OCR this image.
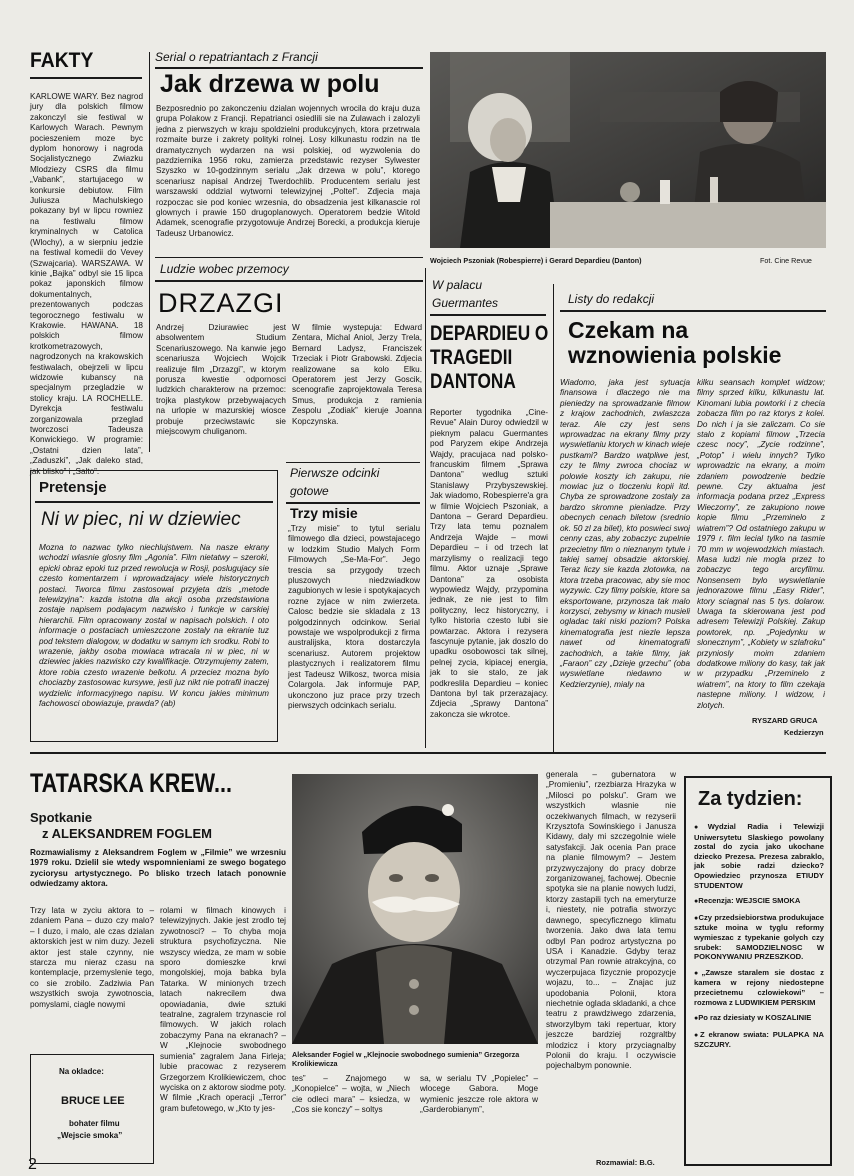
FAKTY
KARLOWE WARY. Bez nagrod jury dla polskich filmow zakonczyl sie festiwal w Karlowych Warach. Pewnym pocieszeniem moze byc dyplom honorowy i nagroda Socjalistycznego Zwiazku Mlodziezy CSRS dla filmu „Vabank”, startujacego w konkursie debiutow. Film Juliusza Machulskiego pokazany byl w lipcu rowniez na festiwalu filmow kryminalnych w Catolica (Wlochy), a w sierpniu jedzie na festiwal komedii do Vevey (Szwajcaria). WARSZAWA. W kinie „Bajka” odbyl sie 15 lipca pokaz japonskich filmow dokumentalnych, prezentowanych podczas tegorocznego festiwalu w Krakowie. HAWANA. 18 polskich filmow krotkometrazowych, nagrodzonych na krakowskich festiwalach, obejrzeli w lipcu widzowie kubanscy na specjalnym przegladzie w stolicy kraju. LA ROCHELLE. Dyrekcja festiwalu zorganizowala przeglad tworczosci Tadeusza Konwickiego. W programie: „Ostatni dzien lata”, „Zaduszki”, „Jak daleko stad, jak blisko” i „Salto”.
Serial o repatriantach z Francji
Jak drzewa w polu
Bezposrednio po zakonczeniu dzialan wojennych wrocila do kraju duza grupa Polakow z Francji. Repatrianci osiedlili sie na Zulawach i zalozyli jedna z pierwszych w kraju spoldzielni produkcyjnych, ktora przetrwala rozmaite burze i zakrety polityki rolnej. Losy kilkunastu rodzin na tle dramatycznych wydarzen na wsi polskiej, od wyzwolenia do pazdziernika 1956 roku, zamierza przedstawic rezyser Sylwester Szyszko w 10-godzinnym serialu „Jak drzewa w polu”, ktorego scenariusz napisal Andrzej Twerdochlib. Producentem serialu jest warszawski oddzial wytworni telewizyjnej „Poltel”. Zdjecia maja rozpoczac sie pod koniec wrzesnia, do obsadzenia jest kilkanascie rol glownych i prawie 150 drugoplanowych. Operatorem bedzie Witold Adamek, scenografie przygotowuje Andrzej Borecki, a produkcja kieruje Tadeusz Urbanowicz.
Wojciech Pszoniak (Robespierre) i Gerard Depardieu (Danton)	Fot. Cine Revue
Ludzie wobec przemocy
DRZAZGI
Andrzej Dziurawiec jest absolwentem Studium Scenariuszowego. Na kanwie jego scenariusza Wojciech Wojcik realizuje film „Drzazgi”, w ktorym porusza kwestie odpornosci ludzkich charakterow na przemoc: trojka plastykow przebywajacych na urlopie w mazurskiej wiosce probuje przeciwstawic sie miejscowym chuliganom.
W filmie wystepuja: Edward Zentara, Michal Aniol, Jerzy Trela, Bernard Ladysz, Franciszek Trzeciak i Piotr Grabowski. Zdjecia realizowane sa kolo Elku. Operatorem jest Jerzy Goscik, scenografie zaprojektowala Teresa Smus, produkcja z ramienia Zespolu „Zodiak” kieruje Joanna Kopczynska.
W palacu
Guermantes
DEPARDIEU O TRAGEDII DANTONA
Reporter tygodnika „Cine-Revue” Alain Duroy odwiedzil w pieknym palacu Guermantes pod Paryzem ekipe Andrzeja Wajdy, pracujaca nad polsko-francuskim filmem „Sprawa Dantona” wedlug sztuki Stanislawy Przybyszewskiej. Jak wiadomo, Robespierre'a gra w filmie Wojciech Pszoniak, a Dantona – Gerard Depardieu. Trzy lata temu poznalem Andrzeja Wajde – mowi Depardieu – i od trzech lat marzylismy o realizacji tego filmu. Aktor uznaje „Sprawe Dantona” za osobista wypowiedz Wajdy, przypomina jednak, ze nie jest to film polityczny, lecz historyczny, i tylko historia czesto lubi sie powtarzac. Aktora i rezysera fascynuje pytanie, jak doszlo do upadku osobowosci tak silnej, pelnej zycia, kipiacej energia, jak to sie stalo, ze jak podkreslila Depardieu – koniec Dantona byl tak przerazajacy. Zdjecia „Sprawy Dantona” zakoncza sie wkrotce.
Listy do redakcji
Czekam na wznowienia polskie
Wiadomo, jaka jest sytuacja finansowa i dlaczego nie ma pieniedzy na sprowadzanie filmow z krajow zachodnich, zwlaszcza teraz. Ale czy jest sens wprowadzac na ekrany filmy przy wyswietlaniu ktorych w kinach wieje pustkami? Bardzo watpliwe jest, czy te filmy zwroca chociaz w polowie koszty ich zakupu, nie mowiac juz o tloczeniu kopii itd. Chyba ze sprowadzone zostaly za bardzo skromne pieniadze. Przy obecnych cenach biletow (srednio ok. 50 zl za bilet), kto poswieci swoj cenny czas, aby zobaczyc zupelnie przecietny film o nieznanym tytule i takiej samej obsadzie aktorskiej. Teraz liczy sie kazda zlotowka, na ktora trzeba pracowac, aby sie moc wyzywic. Czy filmy polskie, ktore sa eksportowane, przynosza tak malo korzysci, zebysmy w kinach musieli ogladac taki niski poziom? Polska kinematografia jest niezle lepsza nawet od kinematografii zachodnich, a takie filmy, jak „Faraon” czy „Dzieje grzechu” (oba wyswietlane niedawno w Kedzierzynie), mialy na
kilku seansach komplet widzow; filmy sprzed kilku, kilkunastu lat. Kinomani lubia powtorki i z checia zobacza film po raz ktorys z kolei. Do nich i ja sie zaliczam. Co sie stalo z kopiami filmow „Trzecia czesc nocy”, „Zycie rodzinne”, „Potop” i wielu innych? Tylko wprowadzic na ekrany, a moim zdaniem powodzenie bedzie pewne. Czy aktualna jest informacja podana przez „Express Wieczorny”, ze zakupiono nowe kopie filmu „Przeminelo z wiatrem”? Od ostatniego zakupu w 1979 r. film lecial tylko na tasmie 70 mm w wojewodzkich miastach. Masa ludzi nie mogla przez to zobaczyc tego arcyfilmu. Nonsensem bylo wyswietlanie jednorazowe filmu „Easy Rider”, ktory sciagnal nas 5 tys. dolarow. Uwaga ta skierowana jest pod adresem Telewizji Polskiej. Zakup powtorek, np. „Pojedynku w slonecznym”, „Kobiety w szlafroku” przyniosly moim zdaniem dodatkowe miliony do kasy, tak jak w przypadku „Przeminelo z wiatrem”, na ktory to film czekaja nastepne miliony. I widzow, i zlotych.
RYSZARD GRUCA
Kedzierzyn
Pretensje
Ni w piec, ni w dziewiec
Mozna to nazwac tylko niechlujstwem. Na nasze ekrany wchodzi wlasnie glosny film „Agonia”. Film nietatwy – szeroki, epicki obraz epoki tuz przed rewolucja w Rosji, poslugujacy sie czesto komentarzem i wprowadzajacy wiele historycznych postaci. Tworca filmu zastosowal przyjeta dzis „metode telewizyjna”: kazda istotna dla akcji osoba przedstawiona zostaje napisem podajacym nazwisko i funkcje w carskiej hierarchii. Film opracowany zostal w napisach polskich. I oto informacje o postaciach umieszczone zostaly na ekranie tuz pod tekstem dialogow, w dodatku w samym ich srodku. Robi to wrazenie, jakby osoba mowiaca wtracala ni w piec, ni w dziewiec jakies nazwisko czy kwalifikacje. Otrzymujemy zatem, ktore robia czesto wrazenie belkotu. A przeciez mozna bylo chociazby zastosowac kursywe, jesli juz nikt nie potrafil inaczej wydzielic informacyjnego napisu. W koncu jakies minimum fachowosci obowiazuje, prawda? (ab)
Pierwsze odcinki
gotowe
Trzy misie
„Trzy misie” to tytul serialu filmowego dla dzieci, powstajacego w lodzkim Studio Malych Form Filmowych „Se-Ma-For”. Jego trescia sa przygody trzech pluszowych niedzwiadkow zagubionych w lesie i spotykajacych rozne zyjace w nim zwierzeta. Calosc bedzie sie skladala z 13 polgodzinnych odcinkow. Serial powstaje we wspolprodukcji z firma australijska, ktora dostarczyla scenariusz. Autorem projektow plastycznych i realizatorem filmu jest Tadeusz Wilkosz, tworca misia Colargola. Jak informuje PAP, ukonczono juz prace przy trzech pierwszych odcinkach serialu.
TATARSKA KREW...
Spotkanie
z ALEKSANDREM FOGLEM
Rozmawialismy z Aleksandrem Foglem w „Filmie” we wrzesniu 1979 roku. Dzielil sie wtedy wspomnieniami ze swego bogatego zyciorysu artystycznego. Po blisko trzech latach ponownie odwiedzamy aktora.
Trzy lata w zyciu aktora to – zdaniem Pana – duzo czy malo? – I duzo, i malo, ale czas dzialan aktorskich jest w nim duzy. Jezeli aktor jest stale czynny, nie starcza mu nieraz czasu na kontemplacje, przemyslenie tego, co sie zrobilo. Zadziwia Pan wszystkich swoja zywotnoscia, pomyslami, ciagle nowymi
rolami w filmach kinowych i telewizyjnych. Jakie jest zrodlo tej zywotnosci? – To chyba moja struktura psychofizyczna. Nie wszyscy wiedza, ze mam w sobie sporo domieszke krwi mongolskiej, moja babka byla Tatarka. W minionych trzech latach nakrecilem dwa opowiadania, dwie sztuki teatralne, zagralem trzynascie rol filmowych. W jakich rolach zobaczymy Pana na ekranach? – W „Klejnocie swobodnego sumienia” zagralem Jana Firleja; lubie pracowac z rezyserem Grzegorzem Krolikiewiczem, choc wyciska on z aktorow siodme poty. W filmie „Krach operacji „Terror” gram bufetowego, w „Kto ty jes-
Na okladce:
BRUCE LEE
bohater filmu
„Wejscie smoka”
Aleksander Fogiel w „Klejnocie swobodnego sumienia” Grzegorza Krolikiewicza
tes” – Znajomego w „Konopielce” – wojta, w „Niech cie odleci mara” – ksiedza, w „Cos sie konczy” – soltys
sa, w serialu TV „Popielec” – wlocege Gabora. Moge wymienic jeszcze role aktora w „Garderobianym”,
generala – gubernatora w „Promieniu”, rzezbiarza Hrazyka w „Milosci po polsku”. Gram we wszystkich wlasnie nie oczekiwanych filmach, w rezyserii Krzysztofa Sowinskiego i Janusza Kidawy, daly mi szczegolnie wiele satysfakcji. Jak ocenia Pan prace na planie filmowym? – Jestem przyzwyczajony do pracy dobrze zorganizowanej, fachowej. Obecnie spotyka sie na planie nowych ludzi, ktorzy zastapili tych na emeryturze i, niestety, nie potrafia stworzyc dawnego, specyficznego klimatu tworzenia. Jako dwa lata temu odbyl Pan podroz artystyczna po USA i Kanadzie. Gdyby teraz otrzymal Pan rownie atrakcyjna, co wyczerpujaca fizycznie propozycje wojazu, to... – Znajac juz upodobania Polonii, ktora niechetnie oglada skladanki, a chce teatru z prawdziwego zdarzenia, stworzylbym taki repertuar, ktory jeszcze bardziej rozgraltby mlodzicz i ktory przyciagnalby Polonii do kraju. I oczywiscie pojechalbym ponownie.
Rozmawial: B.G.
Za tydzien:
● Wydzial Radia i Telewizji Uniwersytetu Slaskiego powolany zostal do zycia jako ukochane dziecko Prezesa. Prezesa zabraklo, jak sobie radzi dziecko? Opowiedziec przynosza ETIUDY STUDENTOW
● Recenzja: WEJSCIE SMOKA
● Czy przedsiebiorstwa produkujace sztuke moina w tyglu reformy wymieszac z typekanie golych czy srubek: SAMODZIELNOSC W POKONYWANIU PRZESZKOD.
● „Zawsze staralem sie dostac z kamera w rejony niedostepne przecietnemu czlowiekowi” – rozmowa z LUDWIKIEM PERSKIM
● Po raz dziesiaty w KOSZALINIE
● Z ekranow swiata: PULAPKA NA SZCZURY.
2
